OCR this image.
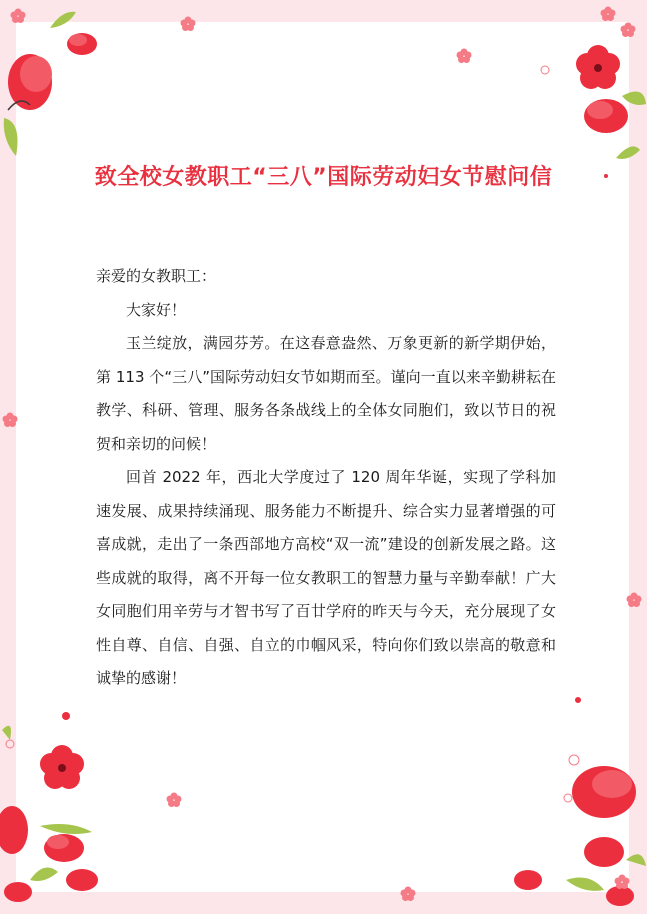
致全校女教职工“三八”国际劳动妇女节慰问信

亲爱的女教职工：

大家好！

玉兰绽放，满园芬芳。在这春意盎然、万象更新的新学期伊始，第 113 个“三八”国际劳动妇女节如期而至。谨向一直以来辛勤耕耘在教学、科研、管理、服务各条战线上的全体女同胞们，致以节日的祝贺和亲切的问候！

回首 2022 年，西北大学度过了 120 周年华诞，实现了学科加速发展、成果持续涌现、服务能力不断提升、综合实力显著增强的可喜成就，走出了一条西部地方高校“双一流”建设的创新发展之路。这些成就的取得，离不开每一位女教职工的智慧力量与辛勤奉献！广大女同胞们用辛劳与才智书写了百廿学府的昨天与今天，充分展现了女性自尊、自信、自强、自立的巾帼风采，特向你们致以崇高的敬意和诚挚的感谢！
